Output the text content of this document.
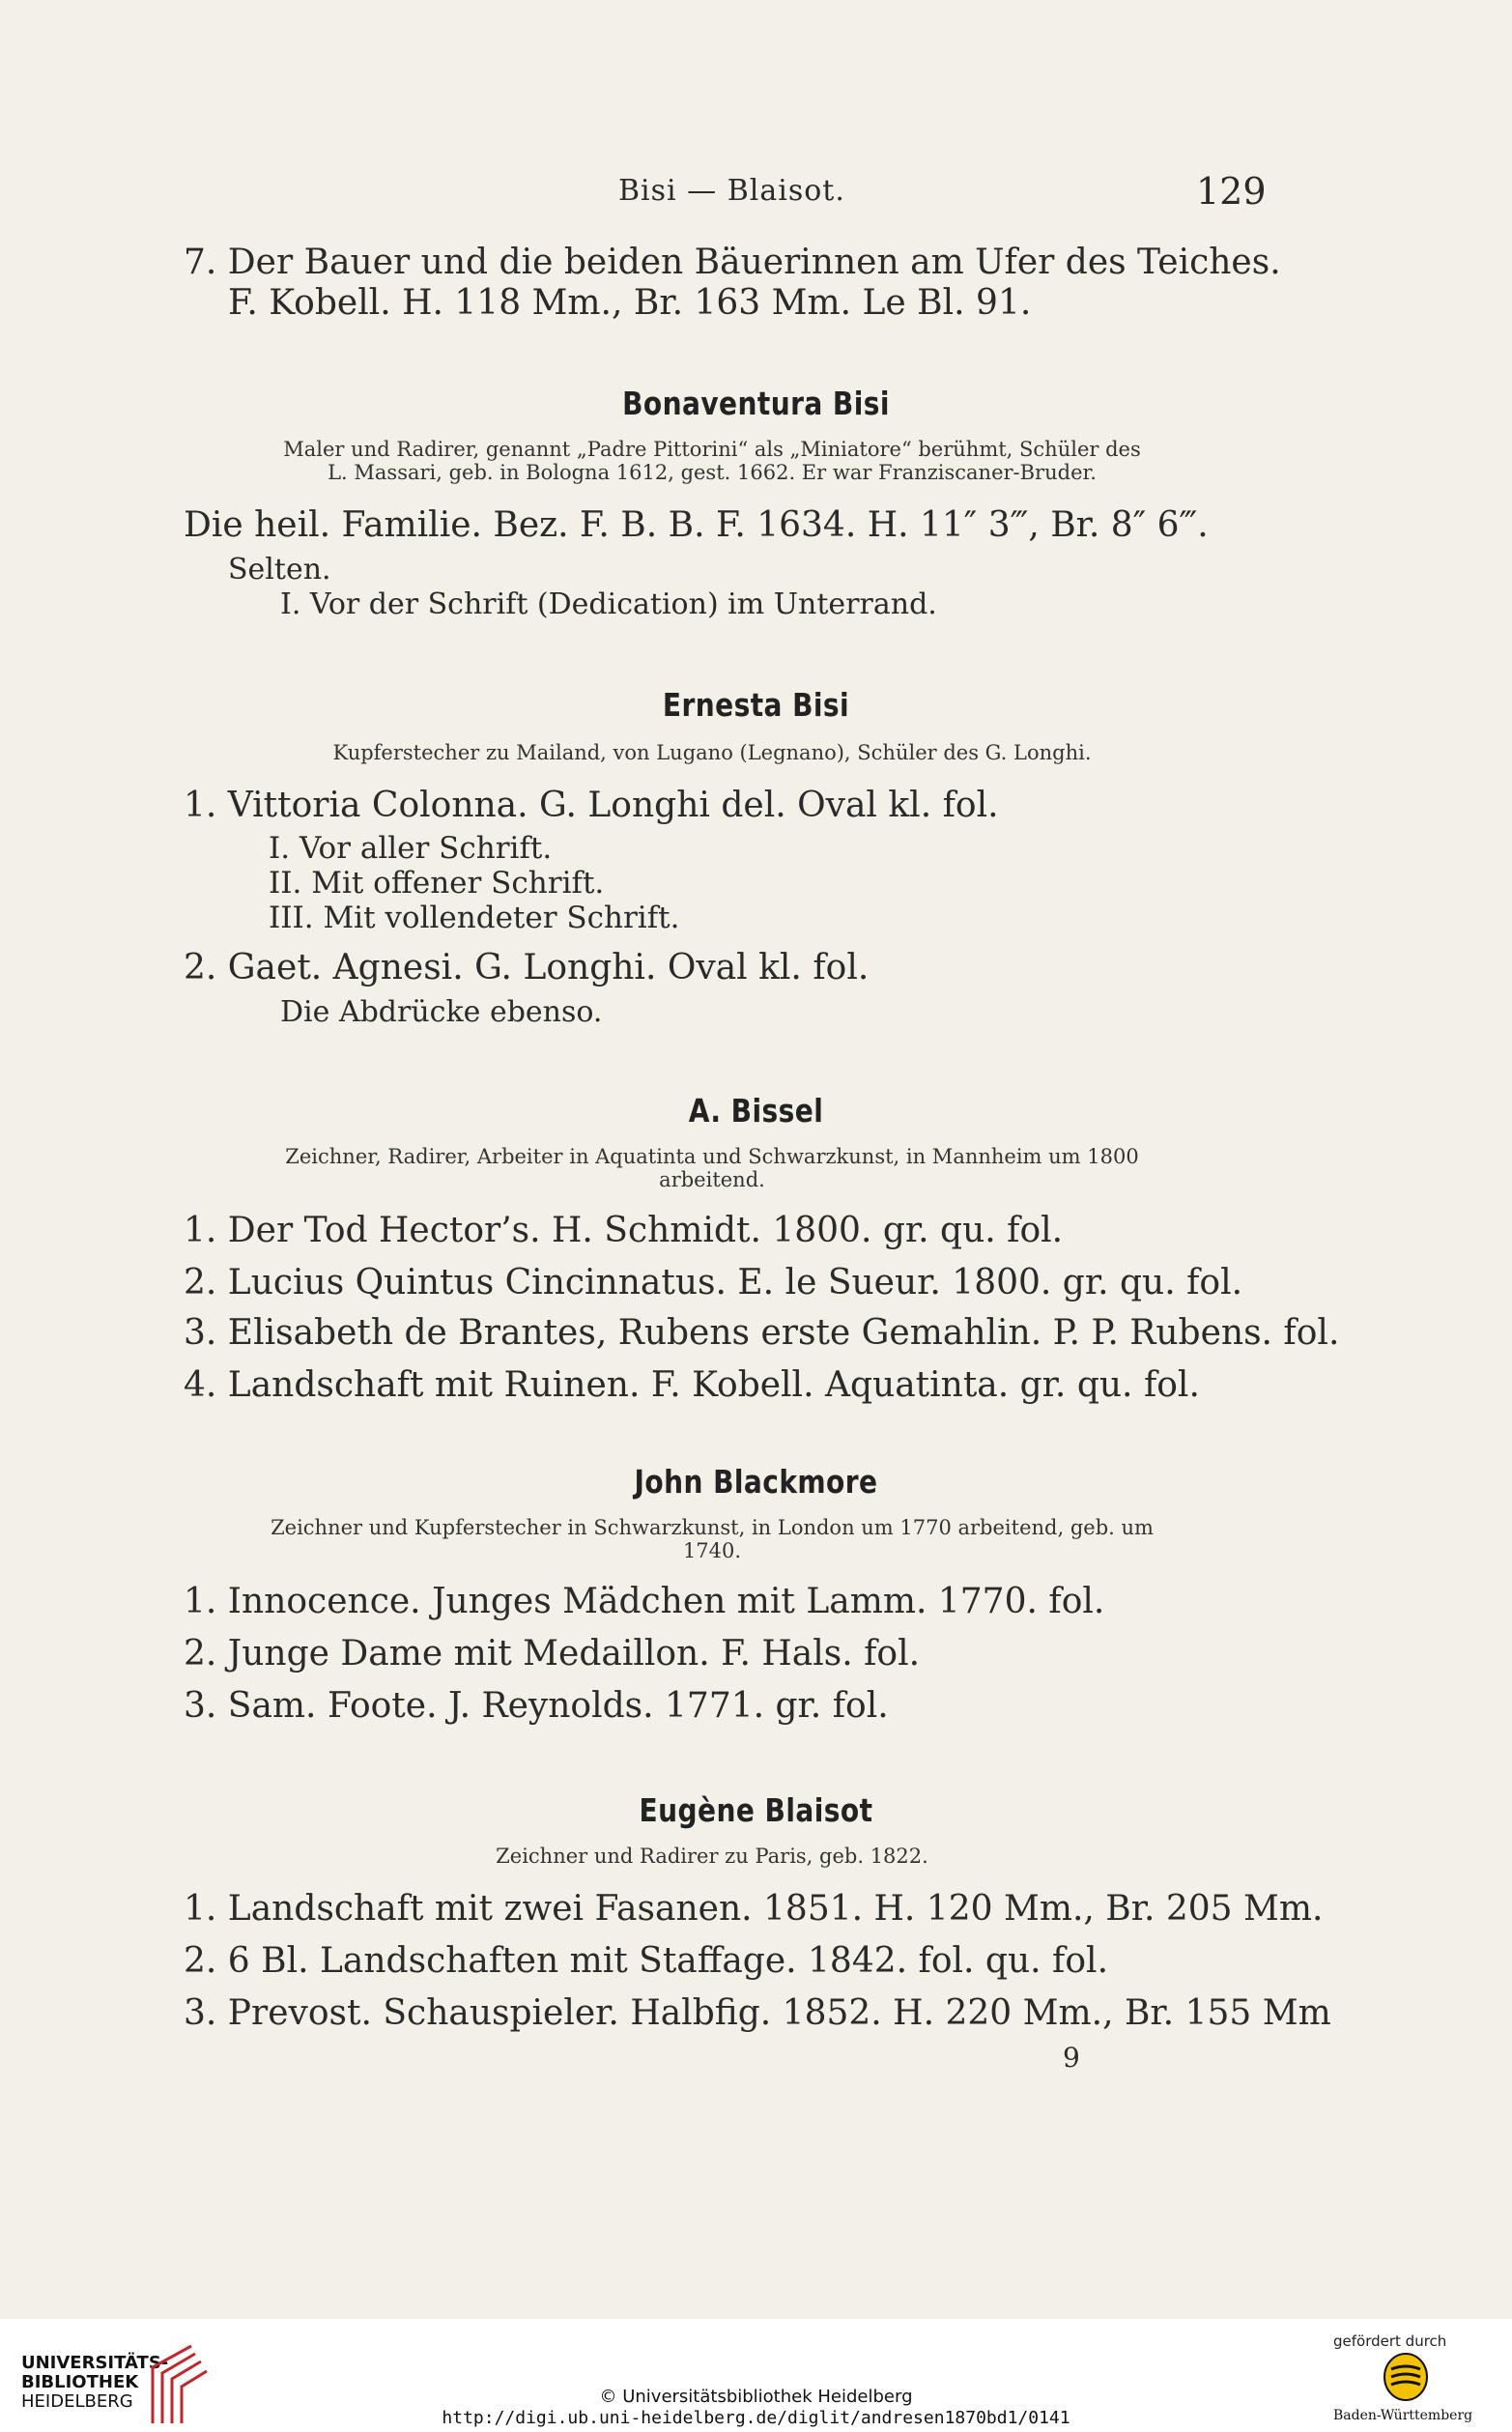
Bisi — Blaisot.	129
7. Der Bauer und die beiden Bäuerinnen am Ufer des Teiches.
F. Kobell. H. 118 Mm., Br. 163 Mm. Le Bl. 91.
Bonaventura Bisi
Maler und Radirer, genannt „Padre Pittorini“ als „Miniatore“ berühmt, Schüler des
L. Massari, geb. in Bologna 1612, gest. 1662. Er war Franziscaner-Bruder.
Die heil. Familie. Bez. F. B. B. F. 1634. H. 11″ 3‴, Br. 8″ 6‴.
Selten.
I. Vor der Schrift (Dedication) im Unterrand.
Ernesta Bisi
Kupferstecher zu Mailand, von Lugano (Legnano), Schüler des G. Longhi.
1. Vittoria Colonna. G. Longhi del. Oval kl. fol.
I. Vor aller Schrift.
II. Mit offener Schrift.
III. Mit vollendeter Schrift.
2. Gaet. Agnesi. G. Longhi. Oval kl. fol.
Die Abdrücke ebenso.
A. Bissel
Zeichner, Radirer, Arbeiter in Aquatinta und Schwarzkunst, in Mannheim um 1800
arbeitend.
1. Der Tod Hector’s. H. Schmidt. 1800. gr. qu. fol.
2. Lucius Quintus Cincinnatus. E. le Sueur. 1800. gr. qu. fol.
3. Elisabeth de Brantes, Rubens erste Gemahlin. P. P. Rubens. fol.
4. Landschaft mit Ruinen. F. Kobell. Aquatinta. gr. qu. fol.
John Blackmore
Zeichner und Kupferstecher in Schwarzkunst, in London um 1770 arbeitend, geb. um
1740.
1. Innocence. Junges Mädchen mit Lamm. 1770. fol.
2. Junge Dame mit Medaillon. F. Hals. fol.
3. Sam. Foote. J. Reynolds. 1771. gr. fol.
Eugène Blaisot
Zeichner und Radirer zu Paris, geb. 1822.
1. Landschaft mit zwei Fasanen. 1851. H. 120 Mm., Br. 205 Mm.
2. 6 Bl. Landschaften mit Staffage. 1842. fol. qu. fol.
3. Prevost. Schauspieler. Halbfig. 1852. H. 220 Mm., Br. 155 Mm
9
UNIVERSITÄTS-
BIBLIOTHEK
HEIDELBERG	© Universitätsbibliothek Heidelberg
http://digi.ub.uni-heidelberg.de/diglit/andresen1870bd1/0141
gefördert durch
Baden-Württemberg
